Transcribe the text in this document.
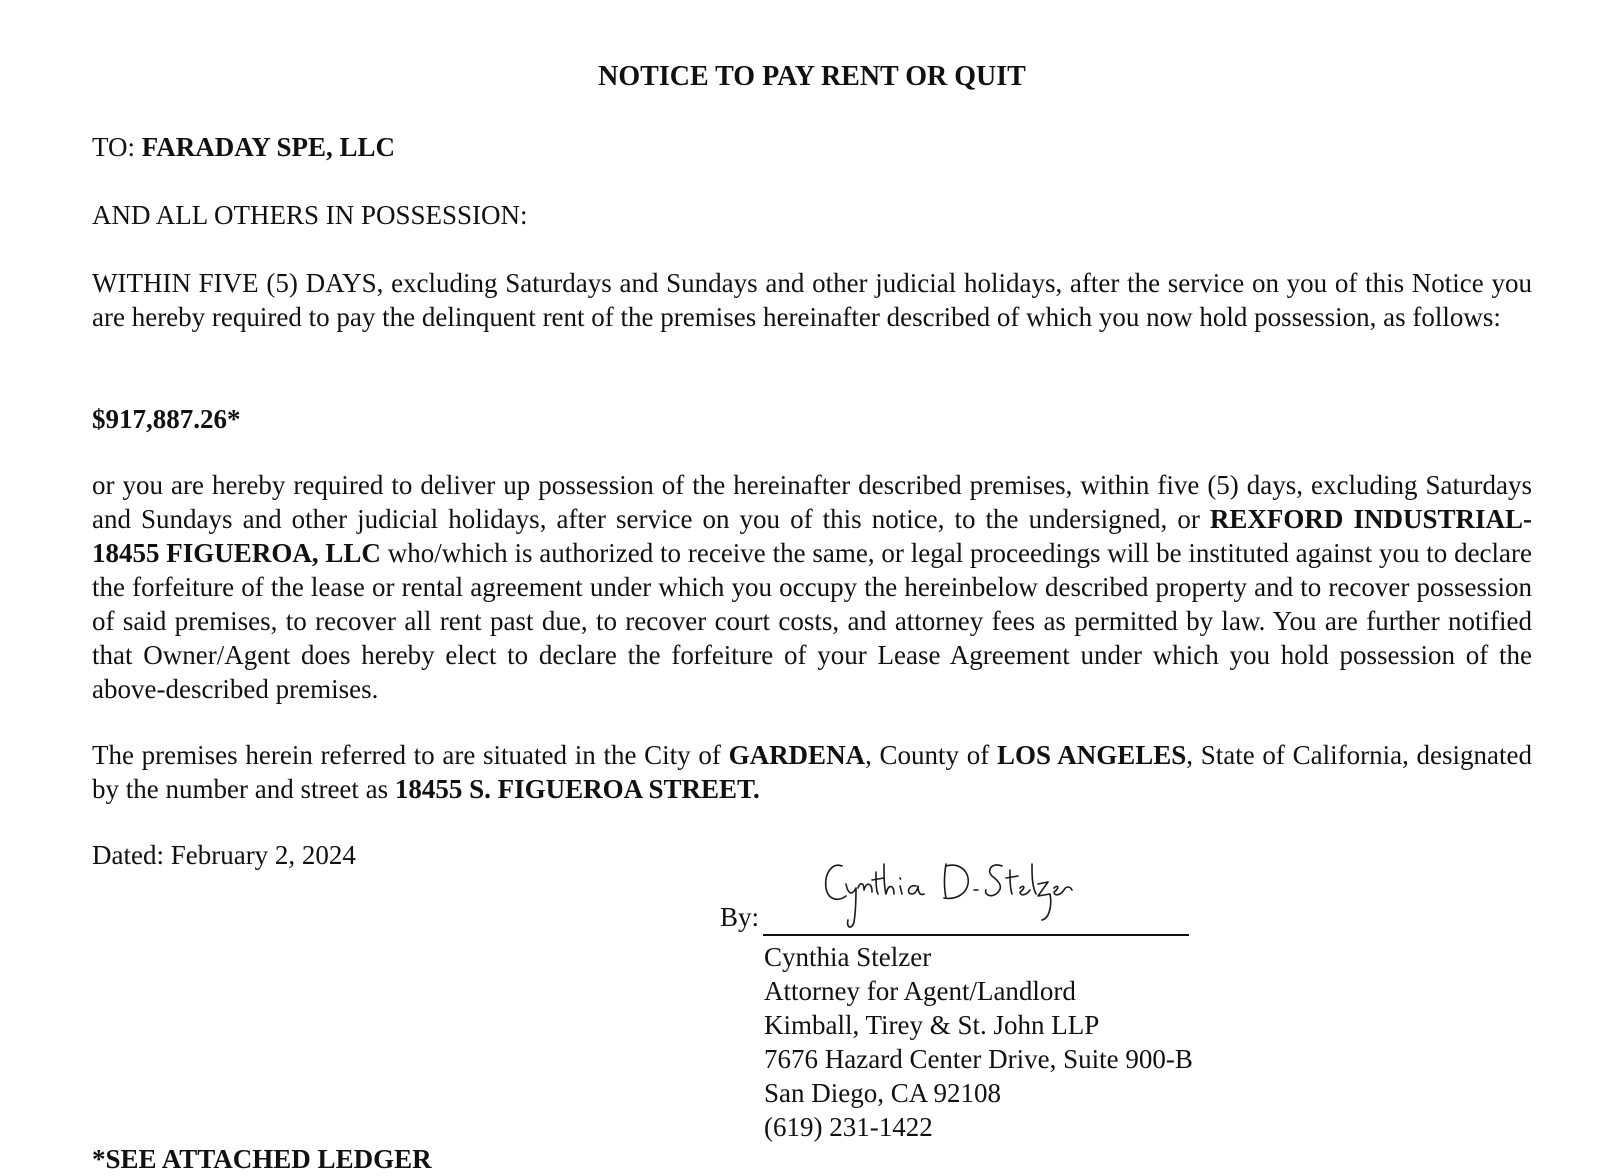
NOTICE TO PAY RENT OR QUIT
TO: FARADAY SPE, LLC
AND ALL OTHERS IN POSSESSION:

WITHIN FIVE (5) DAYS, excluding Saturdays and Sundays and other judicial holidays, after the service on you of this Notice you are hereby required to pay the delinquent rent of the premises hereinafter described of which you now hold possession, as follows:

$917,887.26*

or you are hereby required to deliver up possession of the hereinafter described premises, within five (5) days, excluding Saturdays and Sundays and other judicial holidays, after service on you of this notice, to the undersigned, or REXFORD INDUSTRIAL-18455 FIGUEROA, LLC who/which is authorized to receive the same, or legal proceedings will be instituted against you to declare the forfeiture of the lease or rental agreement under which you occupy the hereinbelow described property and to recover possession of said premises, to recover all rent past due, to recover court costs, and attorney fees as permitted by law. You are further notified that Owner/Agent does hereby elect to declare the forfeiture of your Lease Agreement under which you hold possession of the above-described premises.

The premises herein referred to are situated in the City of GARDENA, County of LOS ANGELES, State of California, designated by the number and street as 18455 S. FIGUEROA STREET.

Dated: February 2, 2024
By:
Cynthia Stelzer
Attorney for Agent/Landlord
Kimball, Tirey & St. John LLP
7676 Hazard Center Drive, Suite 900-B
San Diego, CA 92108
(619) 231-1422
*SEE ATTACHED LEDGER
